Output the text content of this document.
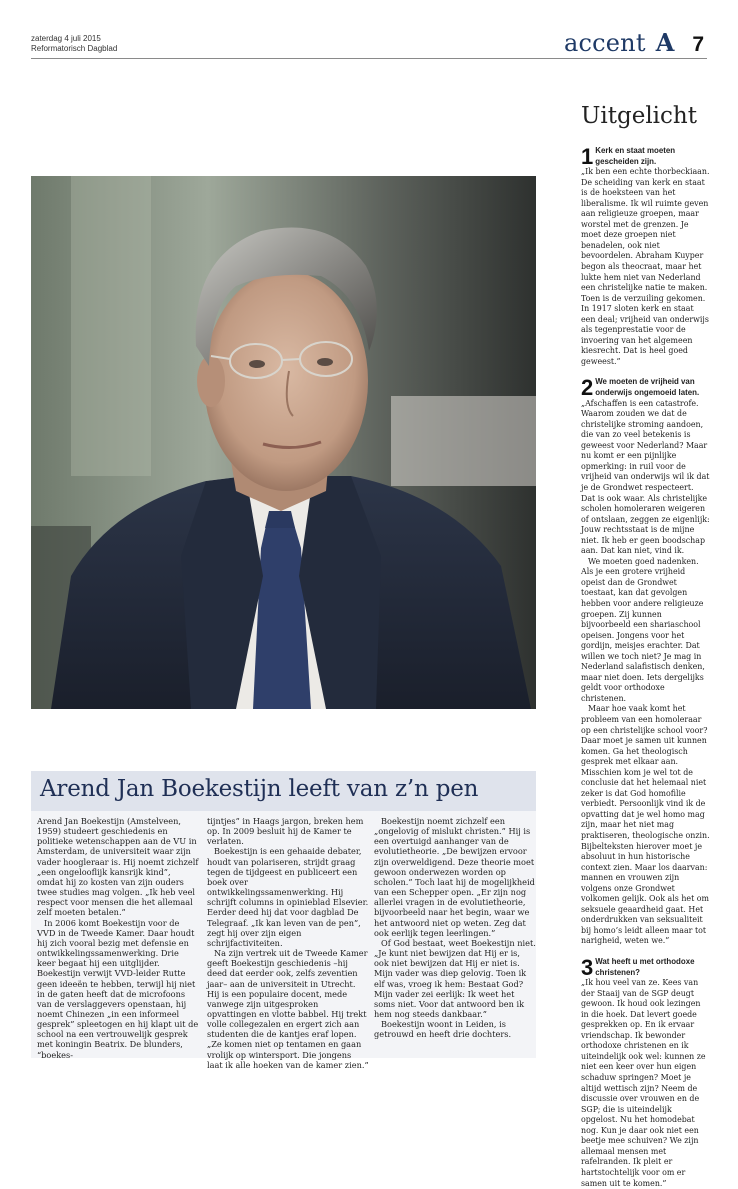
zaterdag 4 juli 2015
Reformatorisch Dagblad	accent A 7
Arend Jan Boekestijn leeft van z’n pen

Arend Jan Boekestijn (Amstelveen, 1959) studeert geschiedenis en politieke wetenschappen aan de VU in Amsterdam, de universiteit waar zijn vader hoogleraar is. Hij noemt zichzelf „een ongelooflijk kansrijk kind”, omdat hij zo kosten van zijn ouders twee studies mag volgen. „Ik heb veel respect voor mensen die het allemaal zelf moeten betalen.”

In 2006 komt Boekestijn voor de VVD in de Tweede Kamer. Daar houdt hij zich vooral bezig met defensie en ontwikkelingssamenwerking. Drie keer begaat hij een uitglijder. Boekestijn verwijt VVD-leider Rutte geen ideeën te hebben, terwijl hij niet in de gaten heeft dat de microfoons van de verslaggevers openstaan, hij noemt Chinezen „in een informeel gesprek” spleetogen en hij klapt uit de school na een vertrouwelijk gesprek met koningin Beatrix. De blunders, “boekes-

tijntjes” in Haags jargon, breken hem op. In 2009 besluit hij de Kamer te verlaten.

Boekestijn is een gehaaide debater, houdt van polariseren, strijdt graag tegen de tijdgeest en publiceert een boek over ontwikkelingssamenwerking. Hij schrijft columns in opinieblad Elsevier. Eerder deed hij dat voor dagblad De Telegraaf. „Ik kan leven van de pen”, zegt hij over zijn eigen schrijfactiviteiten.

Na zijn vertrek uit de Tweede Kamer geeft Boekestijn geschiedenis –hij deed dat eerder ook, zelfs zeventien jaar– aan de universiteit in Utrecht. Hij is een populaire docent, mede vanwege zijn uitgesproken opvattingen en vlotte babbel. Hij trekt volle collegezalen en ergert zich aan studenten die de kantjes eraf lopen. „Ze komen niet op tentamen en gaan vrolijk op wintersport. Die jongens laat ik alle hoeken van de kamer zien.”

Boekestijn noemt zichzelf een „ongelovig of mislukt christen.” Hij is een overtuigd aanhanger van de evolutietheorie. „De bewijzen ervoor zijn overweldigend. Deze theorie moet gewoon onderwezen worden op scholen.” Toch laat hij de mogelijkheid van een Schepper open. „Er zijn nog allerlei vragen in de evolutietheorie, bijvoorbeeld naar het begin, waar we het antwoord niet op weten. Zeg dat ook eerlijk tegen leerlingen.”

Of God bestaat, weet Boekestijn niet. „Je kunt niet bewijzen dat Hij er is, ook niet bewijzen dat Hij er niet is. Mijn vader was diep gelovig. Toen ik elf was, vroeg ik hem: Bestaat God? Mijn vader zei eerlijk: Ik weet het soms niet. Voor dat antwoord ben ik hem nog steeds dankbaar.”

Boekestijn woont in Leiden, is getrouwd en heeft drie dochters.

Uitgelicht
1 Kerk en staat moeten gescheiden zijn.

„Ik ben een echte thorbeckiaan. De scheiding van kerk en staat is de hoeksteen van het liberalisme. Ik wil ruimte geven aan religieuze groepen, maar worstel met de grenzen. Je moet deze groepen niet benadelen, ook niet bevoordelen. Abraham Kuyper begon als theocraat, maar het lukte hem niet van Nederland een christelijke natie te maken. Toen is de verzuiling gekomen. In 1917 sloten kerk en staat een deal; vrijheid van onderwijs als tegenprestatie voor de invoering van het algemeen kiesrecht. Dat is heel goed geweest.”

2 We moeten de vrijheid van onderwijs ongemoeid laten.

„Afschaffen is een catastrofe. Waarom zouden we dat de christelijke stroming aandoen, die van zo veel betekenis is geweest voor Nederland? Maar nu komt er een pijnlijke opmerking: in ruil voor de vrijheid van onderwijs wil ik dat je de Grondwet respecteert. Dat is ook waar. Als christelijke scholen homoleraren weigeren of ontslaan, zeggen ze eigenlijk: Jouw rechtsstaat is de mijne niet. Ik heb er geen boodschap aan. Dat kan niet, vind ik.

We moeten goed nadenken. Als je een grotere vrijheid opeist dan de Grondwet toestaat, kan dat gevolgen hebben voor andere religieuze groepen. Zij kunnen bijvoorbeeld een shariaschool opeisen. Jongens voor het gordijn, meisjes erachter. Dat willen we toch niet? Je mag in Nederland salafistisch denken, maar niet doen. Iets dergelijks geldt voor orthodoxe christenen.

Maar hoe vaak komt het probleem van een homoleraar op een christelijke school voor? Daar moet je samen uit kunnen komen. Ga het theologisch gesprek met elkaar aan. Misschien kom je wel tot de conclusie dat het helemaal niet zeker is dat God homofilie verbiedt. Persoonlijk vind ik de opvatting dat je wel homo mag zijn, maar het niet mag praktiseren, theologische onzin. Bijbelteksten hierover moet je absoluut in hun historische context zien. Maar los daarvan: mannen en vrouwen zijn volgens onze Grondwet volkomen gelijk. Ook als het om seksuele geaardheid gaat. Het onderdrukken van seksualiteit bij homo’s leidt alleen maar tot narigheid, weten we.”

3 Wat heeft u met orthodoxe christenen?

„Ik hou veel van ze. Kees van der Staaij van de SGP deugt gewoon. Ik houd ook lezingen in die hoek. Dat levert goede gesprekken op. En ik ervaar vriendschap. Ik bewonder orthodoxe christenen en ik uiteindelijk ook wel: kunnen ze niet een keer over hun eigen schaduw springen? Moet je altijd wettisch zijn? Neem de discussie over vrouwen en de SGP; die is uiteindelijk opgelost. Nu het homodebat nog. Kun je daar ook niet een beetje mee schuiven? We zijn allemaal mensen met rafelranden. Ik pleit er hartstochtelijk voor om er samen uit te komen.”
